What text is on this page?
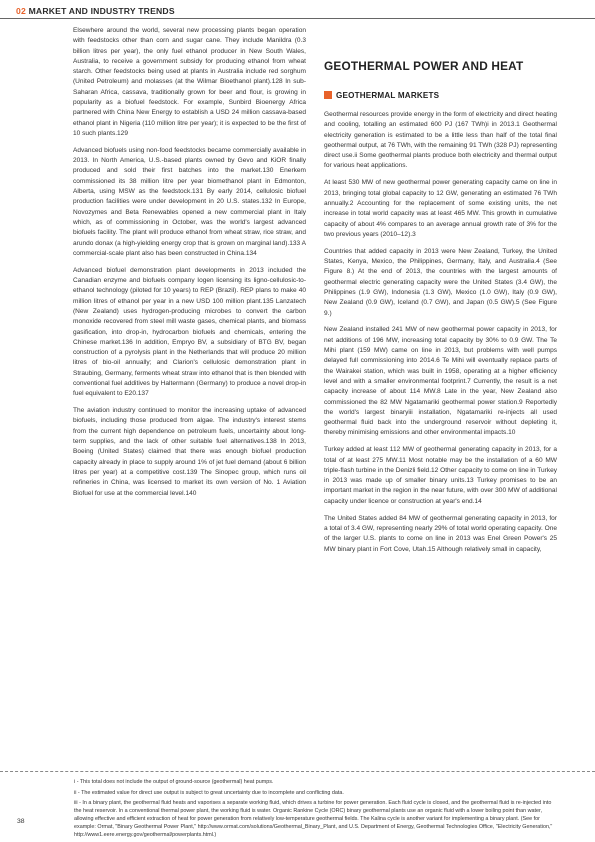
02 MARKET AND INDUSTRY TRENDS

Elsewhere around the world, several new processing plants began operation with feedstocks other than corn and sugar cane. They include Manildra (0.3 billion litres per year), the only fuel ethanol producer in New South Wales, Australia, to receive a government subsidy for producing ethanol from wheat starch. Other feedstocks being used at plants in Australia include red sorghum (United Petroleum) and molasses (at the Wilmar Bioethanol plant).128 In sub-Saharan Africa, cassava, traditionally grown for beer and flour, is growing in popularity as a biofuel feedstock. For example, Sunbird Bioenergy Africa partnered with China New Energy to establish a USD 24 million cassava-based ethanol plant in Nigeria (110 million litre per year); it is expected to be the first of 10 such plants.129

Advanced biofuels using non-food feedstocks became commercially available in 2013. In North America, U.S.-based plants owned by Gevo and KiOR finally produced and sold their first batches into the market.130 Enerkem commissioned its 38 million litre per year biomethanol plant in Edmonton, Alberta, using MSW as the feedstock.131 By early 2014, cellulosic biofuel production facilities were under development in 20 U.S. states.132 In Europe, Novozymes and Beta Renewables opened a new commercial plant in Italy which, as of commissioning in October, was the world's largest advanced biofuels facility. The plant will produce ethanol from wheat straw, rice straw, and arundo donax (a high-yielding energy crop that is grown on marginal land).133 A commercial-scale plant also has been constructed in China.134

Advanced biofuel demonstration plant developments in 2013 included the Canadian enzyme and biofuels company Iogen licensing its ligno-cellulosic-to-ethanol technology (piloted for 10 years) to REP (Brazil). REP plans to make 40 million litres of ethanol per year in a new USD 100 million plant.135 Lanzatech (New Zealand) uses hydrogen-producing microbes to convert the carbon monoxide recovered from steel mill waste gases, chemical plants, and biomass gasification, into drop-in, hydrocarbon biofuels and chemicals, entering the Chinese market.136 In addition, Empryo BV, a subsidiary of BTG BV, began construction of a pyrolysis plant in the Netherlands that will produce 20 million litres of bio-oil annually; and Clarion's cellulosic demonstration plant in Straubing, Germany, ferments wheat straw into ethanol that is then blended with conventional fuel additives by Haltermann (Germany) to produce a novel drop-in fuel equivalent to E20.137

The aviation industry continued to monitor the increasing uptake of advanced biofuels, including those produced from algae. The industry's interest stems from the current high dependence on petroleum fuels, uncertainty about long-term supplies, and the lack of other suitable fuel alternatives.138 In 2013, Boeing (United States) claimed that there was enough biofuel production capacity already in place to supply around 1% of jet fuel demand (about 6 billion litres per year) at a competitive cost.139 The Sinopec group, which runs oil refineries in China, was licensed to market its own version of No. 1 Aviation Biofuel for use at the commercial level.140

GEOTHERMAL POWER AND HEAT
GEOTHERMAL MARKETS

Geothermal resources provide energy in the form of electricity and direct heating and cooling, totalling an estimated 600 PJ (167 TWh)i in 2013.1 Geothermal electricity generation is estimated to be a little less than half of the total final geothermal output, at 76 TWh, with the remaining 91 TWh (328 PJ) representing direct use.ii Some geothermal plants produce both electricity and thermal output for various heat applications.

At least 530 MW of new geothermal power generating capacity came on line in 2013, bringing total global capacity to 12 GW, generating an estimated 76 TWh annually.2 Accounting for the replacement of some existing units, the net increase in total world capacity was at least 465 MW. This growth in cumulative capacity of about 4% compares to an average annual growth rate of 3% for the two previous years (2010–12).3

Countries that added capacity in 2013 were New Zealand, Turkey, the United States, Kenya, Mexico, the Philippines, Germany, Italy, and Australia.4 (See Figure 8.) At the end of 2013, the countries with the largest amounts of geothermal electric generating capacity were the United States (3.4 GW), the Philippines (1.9 GW), Indonesia (1.3 GW), Mexico (1.0 GW), Italy (0.9 GW), New Zealand (0.9 GW), Iceland (0.7 GW), and Japan (0.5 GW).5 (See Figure 9.)

New Zealand installed 241 MW of new geothermal power capacity in 2013, for net additions of 196 MW, increasing total capacity by 30% to 0.9 GW. The Te Mihi plant (159 MW) came on line in 2013, but problems with well pumps delayed full commissioning into 2014.6 Te Mihi will eventually replace parts of the Wairakei station, which was built in 1958, operating at a higher efficiency level and with a smaller environmental footprint.7 Currently, the result is a net capacity increase of about 114 MW.8 Late in the year, New Zealand also commissioned the 82 MW Ngatamariki geothermal power station.9 Reportedly the world's largest binaryiii installation, Ngatamariki re-injects all used geothermal fluid back into the underground reservoir without depleting it, thereby minimising emissions and other environmental impacts.10

Turkey added at least 112 MW of geothermal generating capacity in 2013, for a total of at least 275 MW.11 Most notable may be the installation of a 60 MW triple-flash turbine in the Denizli field.12 Other capacity to come on line in Turkey in 2013 was made up of smaller binary units.13 Turkey promises to be an important market in the region in the near future, with over 300 MW of additional capacity under licence or construction at year's end.14

The United States added 84 MW of geothermal generating capacity in 2013, for a total of 3.4 GW, representing nearly 29% of total world operating capacity. One of the larger U.S. plants to come on line in 2013 was Enel Green Power's 25 MW binary plant in Fort Cove, Utah.15 Although relatively small in capacity,

i - This total does not include the output of ground-source (geothermal) heat pumps.

ii - The estimated value for direct use output is subject to great uncertainty due to incomplete and conflicting data.

iii - In a binary plant, the geothermal fluid heats and vaporises a separate working fluid, which drives a turbine for power generation. Each fluid cycle is closed, and the geothermal fluid is re-injected into the heat reservoir. In a conventional thermal power plant, the working fluid is water. Organic Rankine Cycle (ORC) binary geothermal plants use an organic fluid with a lower boiling point than water, allowing effective and efficient extraction of heat for power generation from relatively low-temperature geothermal fields. The Kalina cycle is another variant for implementing a binary plant. (See for example: Ormat, "Binary Geothermal Power Plant," http://www.ormat.com/solutions/Geothermal_Binary_Plant, and U.S. Department of Energy, Geothermal Technologies Office, "Electricity Generation," http://www1.eere.energy.gov/geothermal/powerplants.html.)

38
